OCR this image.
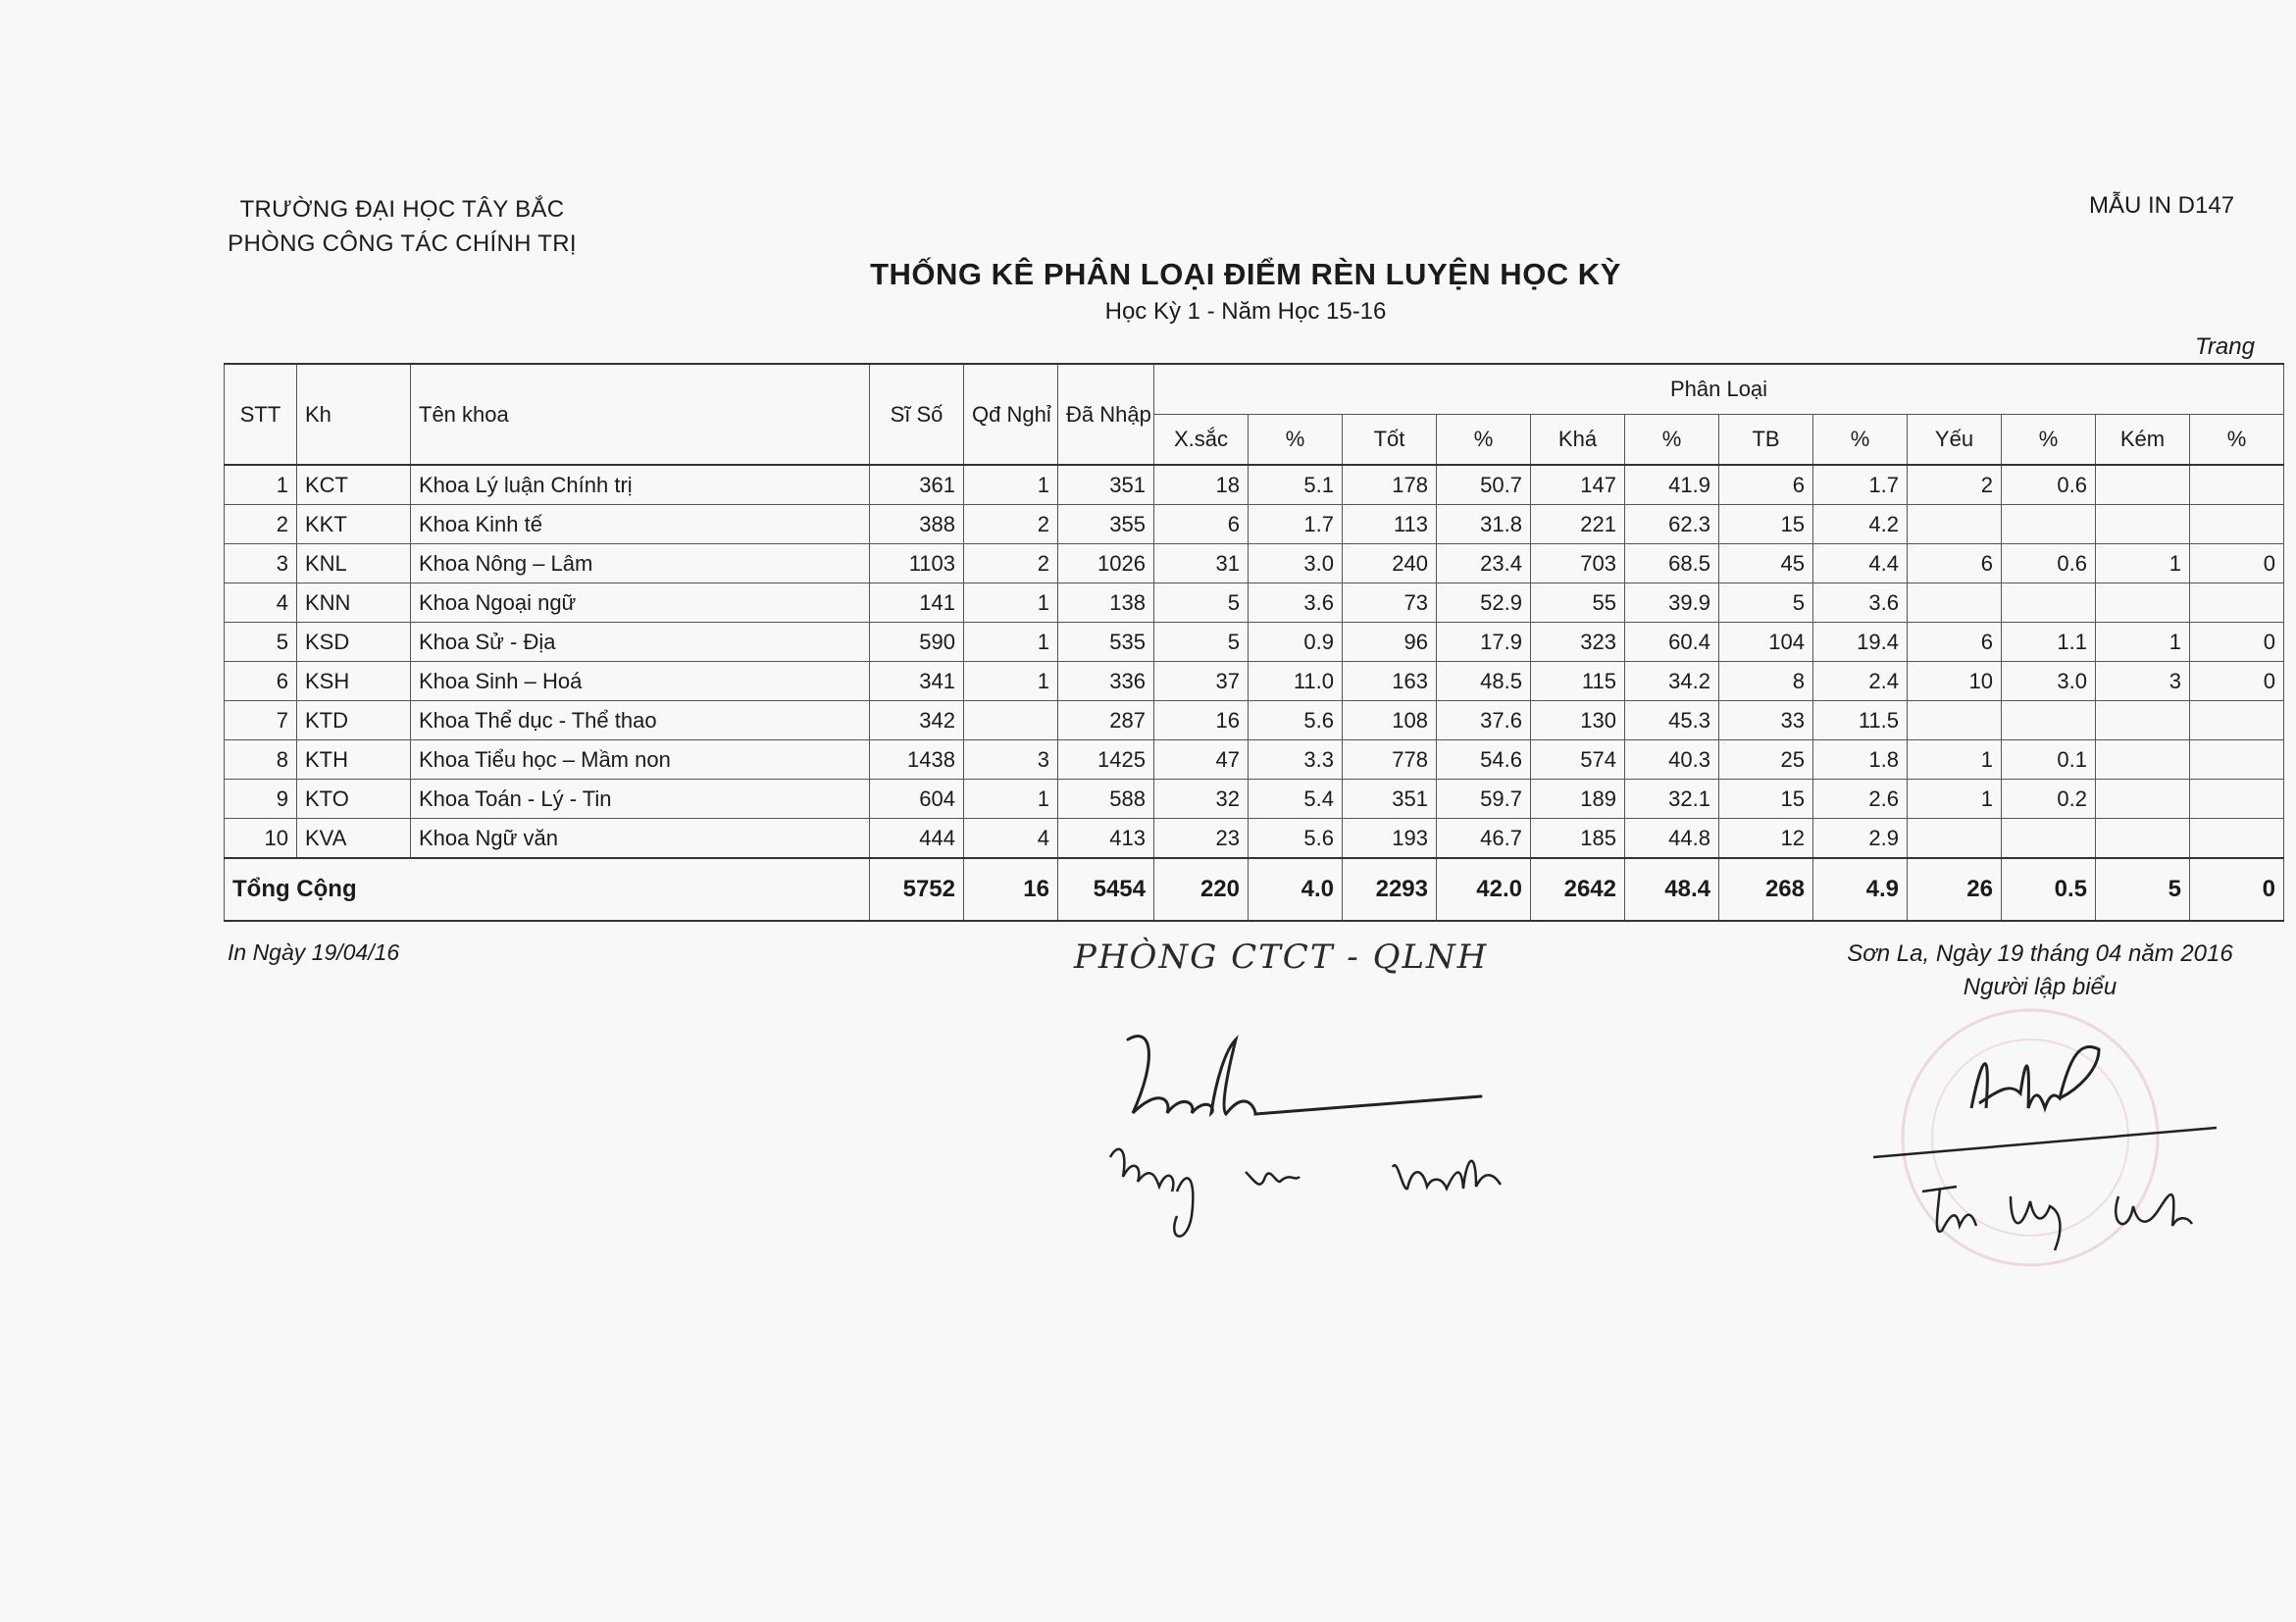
TRƯỜNG ĐẠI HỌC TÂY BẮC
PHÒNG CÔNG TÁC CHÍNH TRỊ
MẪU IN D147
THỐNG KÊ PHÂN LOẠI ĐIỂM RÈN LUYỆN HỌC KỲ
Học Kỳ 1 - Năm Học 15-16
Trang
STT	Kh	Tên khoa	Sĩ Số	Qđ Nghỉ	Đã Nhập	Phân Loại											
						X.sắc	%	Tốt	%	Khá	%	TB	%	Yếu	%	Kém	%
1	KCT	Khoa Lý luận Chính trị	361	1	351	18	5.1	178	50.7	147	41.9	6	1.7	2	0.6		
2	KKT	Khoa Kinh tế	388	2	355	6	1.7	113	31.8	221	62.3	15	4.2				
3	KNL	Khoa Nông – Lâm	1103	2	1026	31	3.0	240	23.4	703	68.5	45	4.4	6	0.6	1	0
4	KNN	Khoa Ngoại ngữ	141	1	138	5	3.6	73	52.9	55	39.9	5	3.6				
5	KSD	Khoa Sử - Địa	590	1	535	5	0.9	96	17.9	323	60.4	104	19.4	6	1.1	1	0
6	KSH	Khoa Sinh – Hoá	341	1	336	37	11.0	163	48.5	115	34.2	8	2.4	10	3.0	3	0
7	KTD	Khoa Thể dục - Thể thao	342		287	16	5.6	108	37.6	130	45.3	33	11.5				
8	KTH	Khoa Tiểu học – Mầm non	1438	3	1425	47	3.3	778	54.6	574	40.3	25	1.8	1	0.1		
9	KTO	Khoa Toán - Lý - Tin	604	1	588	32	5.4	351	59.7	189	32.1	15	2.6	1	0.2		
10	KVA	Khoa Ngữ văn	444	4	413	23	5.6	193	46.7	185	44.8	12	2.9				
Tổng Cộng			5752	16	5454	220	4.0	2293	42.0	2642	48.4	268	4.9	26	0.5	5	0
In Ngày 19/04/16	PHÒNG CTCT - QLNH	Sơn La, Ngày 19 tháng 04 năm 2016
Người lập biểu
